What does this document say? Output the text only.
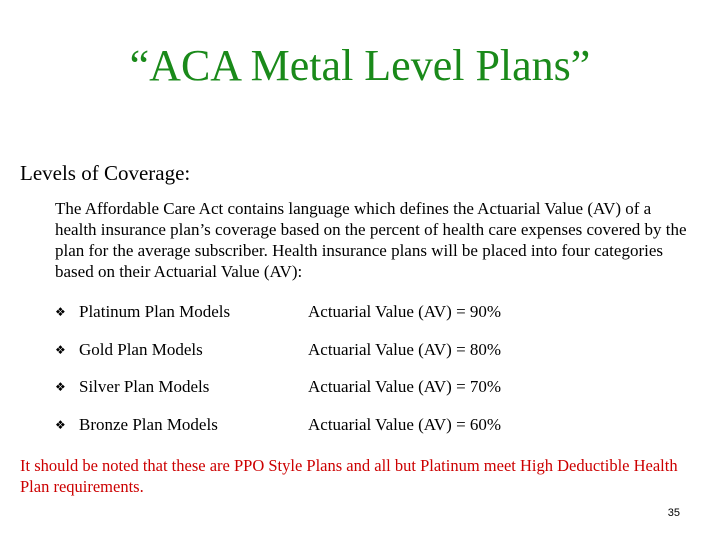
“ACA Metal Level Plans”
Levels of Coverage:
The Affordable Care Act contains language which defines the Actuarial Value (AV) of a health insurance plan’s coverage based on the percent of health care expenses covered by the plan for the average subscriber. Health insurance plans will be placed into four categories based on their Actuarial Value (AV):
❖ Platinum Plan Models	Actuarial Value (AV) = 90%
❖ Gold Plan Models	Actuarial Value (AV) = 80%
❖ Silver Plan Models	Actuarial Value (AV) = 70%
❖ Bronze Plan Models	Actuarial Value (AV) = 60%
It should be noted that these are PPO Style Plans and all but Platinum meet High Deductible Health Plan requirements.
35
